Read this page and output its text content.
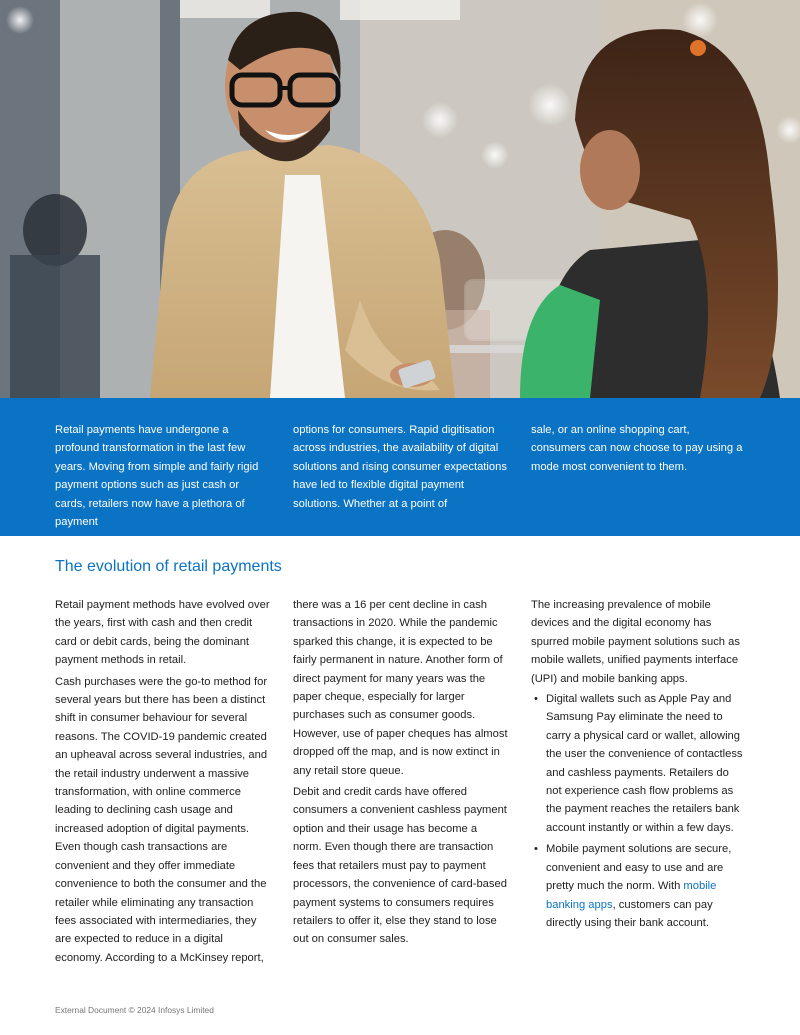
Retail payments have undergone a profound transformation in the last few years. Moving from simple and fairly rigid payment options such as just cash or cards, retailers now have a plethora of payment
options for consumers. Rapid digitisation across industries, the availability of digital solutions and rising consumer expectations have led to flexible digital payment solutions. Whether at a point of
sale, or an online shopping cart, consumers can now choose to pay using a mode most convenient to them.
The evolution of retail payments

Retail payment methods have evolved over the years, first with cash and then credit card or debit cards, being the dominant payment methods in retail.

Cash purchases were the go-to method for several years but there has been a distinct shift in consumer behaviour for several reasons. The COVID-19 pandemic created an upheaval across several industries, and the retail industry underwent a massive transformation, with online commerce leading to declining cash usage and increased adoption of digital payments. Even though cash transactions are convenient and they offer immediate convenience to both the consumer and the retailer while eliminating any transaction fees associated with intermediaries, they are expected to reduce in a digital economy. According to a McKinsey report,

there was a 16 per cent decline in cash transactions in 2020. While the pandemic sparked this change, it is expected to be fairly permanent in nature. Another form of direct payment for many years was the paper cheque, especially for larger purchases such as consumer goods. However, use of paper cheques has almost dropped off the map, and is now extinct in any retail store queue.

Debit and credit cards have offered consumers a convenient cashless payment option and their usage has become a norm. Even though there are transaction fees that retailers must pay to payment processors, the convenience of card-based payment systems to consumers requires retailers to offer it, else they stand to lose out on consumer sales.

The increasing prevalence of mobile devices and the digital economy has spurred mobile payment solutions such as mobile wallets, unified payments interface (UPI) and mobile banking apps.

• Digital wallets such as Apple Pay and Samsung Pay eliminate the need to carry a physical card or wallet, allowing the user the convenience of contactless and cashless payments. Retailers do not experience cash flow problems as the payment reaches the retailers bank account instantly or within a few days.
• Mobile payment solutions are secure, convenient and easy to use and are pretty much the norm. With mobile banking apps, customers can pay directly using their bank account.
External Document © 2024 Infosys Limited
